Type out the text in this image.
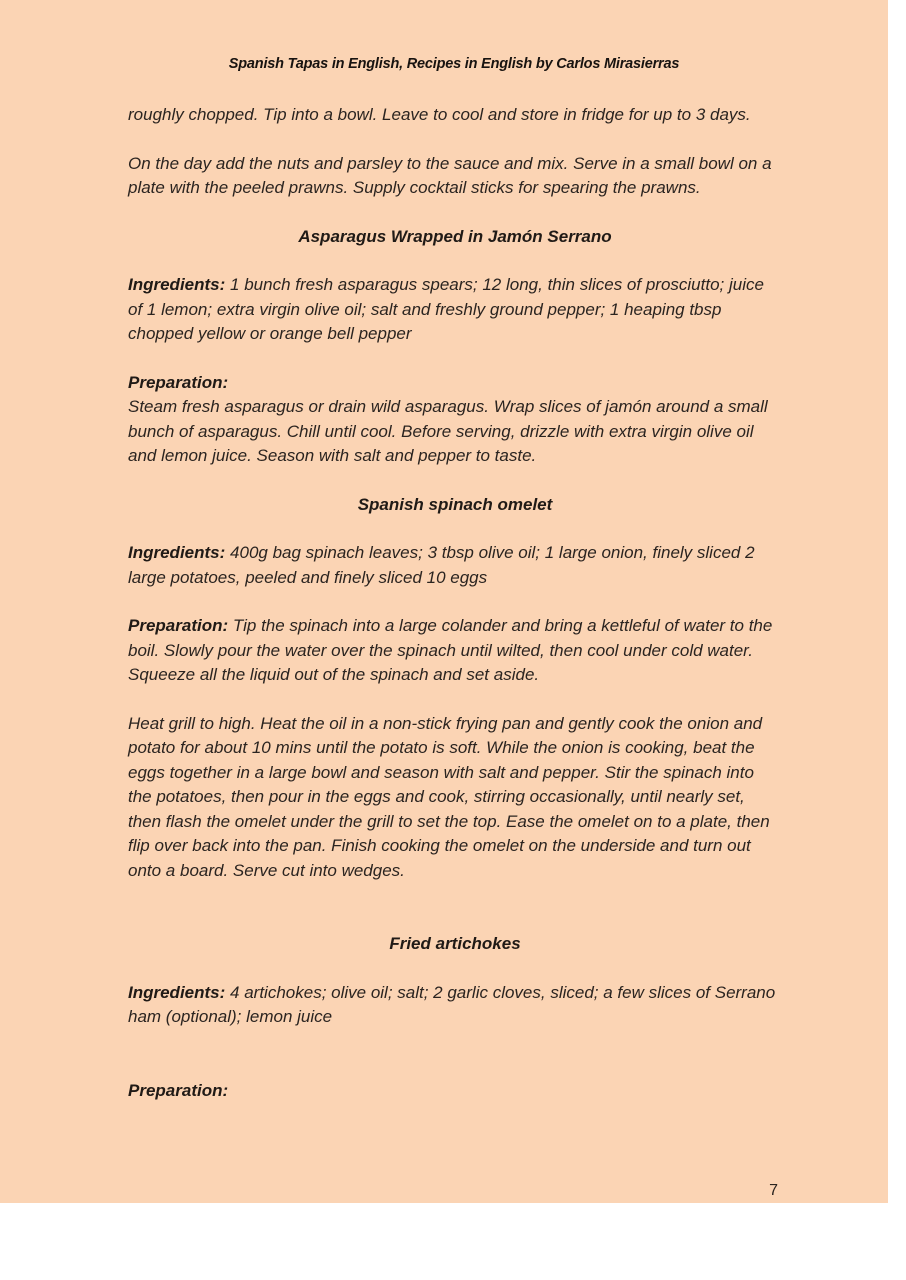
Spanish Tapas in English, Recipes in English by Carlos Mirasierras
roughly chopped. Tip into a bowl. Leave to cool and store in fridge for up to 3 days.
On the day add the nuts and parsley to the sauce and mix. Serve in a small bowl on a plate with the peeled prawns. Supply cocktail sticks for spearing the prawns.
Asparagus Wrapped in Jamón Serrano
Ingredients: 1 bunch fresh asparagus spears; 12 long, thin slices of prosciutto; juice of 1 lemon; extra virgin olive oil; salt and freshly ground pepper; 1 heaping tbsp chopped yellow or orange bell pepper
Preparation:
Steam fresh asparagus or drain wild asparagus. Wrap slices of jamón around a small bunch of asparagus. Chill until cool. Before serving, drizzle with extra virgin olive oil and lemon juice. Season with salt and pepper to taste.
Spanish spinach omelet
Ingredients: 400g bag spinach leaves; 3 tbsp olive oil; 1 large onion, finely sliced 2 large potatoes, peeled and finely sliced 10 eggs
Preparation: Tip the spinach into a large colander and bring a kettleful of water to the boil. Slowly pour the water over the spinach until wilted, then cool under cold water. Squeeze all the liquid out of the spinach and set aside.
Heat grill to high. Heat the oil in a non-stick frying pan and gently cook the onion and potato for about 10 mins until the potato is soft. While the onion is cooking, beat the eggs together in a large bowl and season with salt and pepper. Stir the spinach into the potatoes, then pour in the eggs and cook, stirring occasionally, until nearly set, then flash the omelet under the grill to set the top. Ease the omelet on to a plate, then flip over back into the pan. Finish cooking the omelet on the underside and turn out onto a board. Serve cut into wedges.
Fried artichokes
Ingredients: 4 artichokes; olive oil; salt; 2 garlic cloves, sliced; a few slices of Serrano ham (optional); lemon juice
Preparation:
7
